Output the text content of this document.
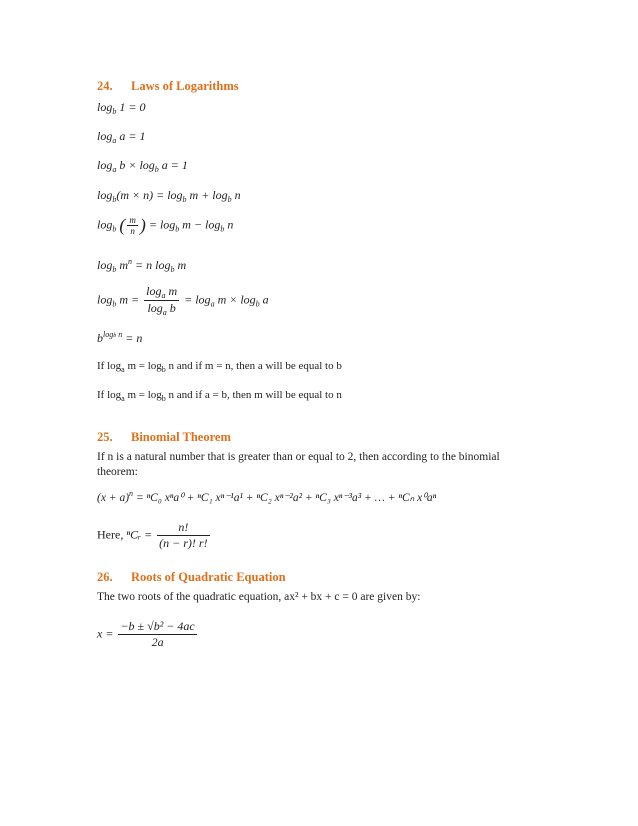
24. Laws of Logarithms
$\log_b 1 = 0$
$\log_a a = 1$
$\log_a b \times \log_b a = 1$
$\log_b(m \times n) = \log_b m + \log_b n$
$\log_b$ ( $\frac{m}{n}$ ) = $\log_b m - \log_b n$
$\log_b m^n = n$ $\log_b m$
$\log_b m = \frac{\log_a m}{\log_a b} = \log_a m \times \log_b a$
$b^{logb n} = n$
If $\log_a m = \log_b n$ and if m = n, then a will be equal to b
If $\log_a m = \log_b n$ and if a = b, then m will be equal to n
25. Binomial Theorem
If n is a natural number that is greater than or equal to 2, then according to the binomial theorem:
$(x + a)^n = ^nC_0$ xⁿa⁰ + ⁿC₁ xⁿ⁻¹a¹ + ⁿC₂ xⁿ⁻²a² + ⁿC₃ xⁿ⁻³a³ + … + ⁿCₙ x⁰aⁿ
Here, ⁿCᵣ = $\frac{n!}{(n - r)! r!}$
26. Roots of Quadratic Equation
The two roots of the quadratic equation, ax² + bx + c = 0 are given by:
$x = \frac{\text{−b ± √b² − 4ac}}{2a}$
